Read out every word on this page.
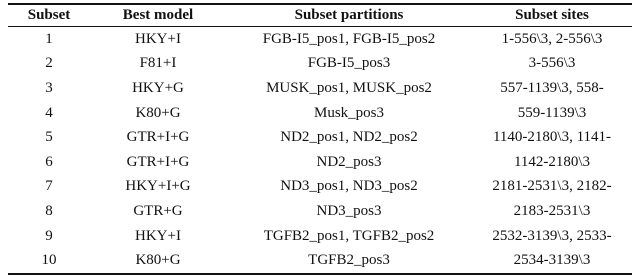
Subset	Best model	Subset partitions	Subset sites
1	HKY+I	FGB-I5_pos1, FGB-I5_pos2	1-556\3, 2-556\3
2	F81+I	FGB-I5_pos3	3-556\3
3	HKY+G	MUSK_pos1, MUSK_pos2	557-1139\3, 558-
4	K80+G	Musk_pos3	559-1139\3
5	GTR+I+G	ND2_pos1, ND2_pos2	1140-2180\3, 1141-
6	GTR+I+G	ND2_pos3	1142-2180\3
7	HKY+I+G	ND3_pos1, ND3_pos2	2181-2531\3, 2182-
8	GTR+G	ND3_pos3	2183-2531\3
9	HKY+I	TGFB2_pos1, TGFB2_pos2	2532-3139\3, 2533-
10	K80+G	TGFB2_pos3	2534-3139\3
